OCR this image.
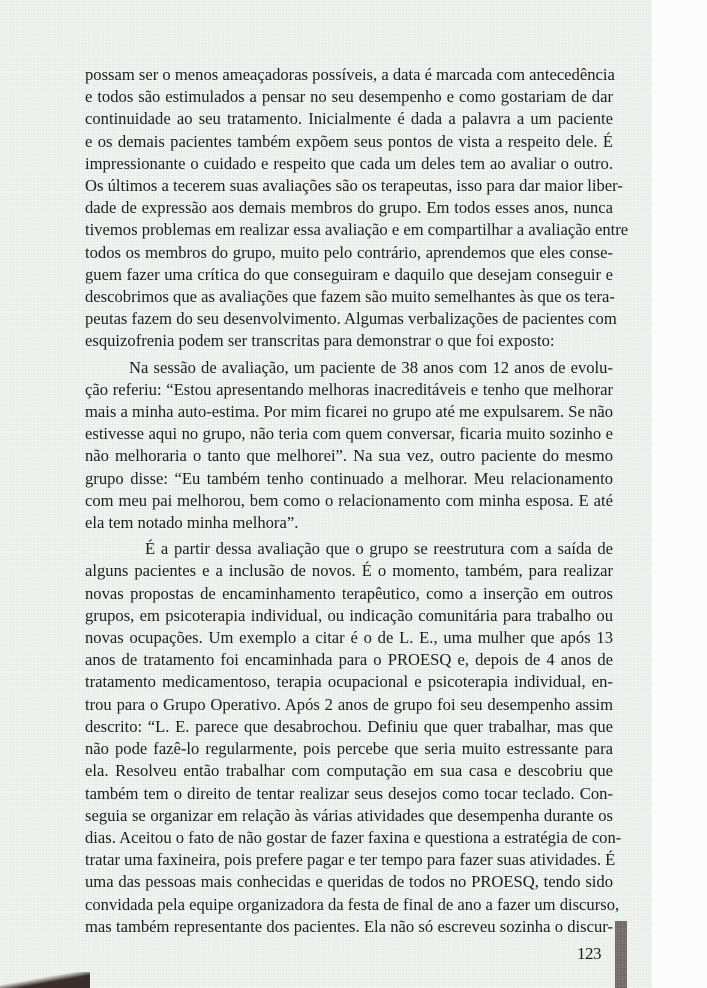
possam ser o menos ameaçadoras possíveis, a data é marcada com antecedência
e todos são estimulados a pensar no seu desempenho e como gostariam de dar
continuidade ao seu tratamento. Inicialmente é dada a palavra a um paciente
e os demais pacientes também expõem seus pontos de vista a respeito dele. É
impressionante o cuidado e respeito que cada um deles tem ao avaliar o outro.
Os últimos a tecerem suas avaliações são os terapeutas, isso para dar maior liber-
dade de expressão aos demais membros do grupo. Em todos esses anos, nunca
tivemos problemas em realizar essa avaliação e em compartilhar a avaliação entre
todos os membros do grupo, muito pelo contrário, aprendemos que eles conse-
guem fazer uma crítica do que conseguiram e daquilo que desejam conseguir e
descobrimos que as avaliações que fazem são muito semelhantes às que os tera-
peutas fazem do seu desenvolvimento. Algumas verbalizações de pacientes com
esquizofrenia podem ser transcritas para demonstrar o que foi exposto:

Na sessão de avaliação, um paciente de 38 anos com 12 anos de evolu-
ção referiu: “Estou apresentando melhoras inacreditáveis e tenho que melhorar
mais a minha auto-estima. Por mim ficarei no grupo até me expulsarem. Se não
estivesse aqui no grupo, não teria com quem conversar, ficaria muito sozinho e
não melhoraria o tanto que melhorei”. Na sua vez, outro paciente do mesmo
grupo disse: “Eu também tenho continuado a melhorar. Meu relacionamento
com meu pai melhorou, bem como o relacionamento com minha esposa. E até
ela tem notado minha melhora”.

É a partir dessa avaliação que o grupo se reestrutura com a saída de
alguns pacientes e a inclusão de novos. É o momento, também, para realizar
novas propostas de encaminhamento terapêutico, como a inserção em outros
grupos, em psicoterapia individual, ou indicação comunitária para trabalho ou
novas ocupações. Um exemplo a citar é o de L. E., uma mulher que após 13
anos de tratamento foi encaminhada para o PROESQ e, depois de 4 anos de
tratamento medicamentoso, terapia ocupacional e psicoterapia individual, en-
trou para o Grupo Operativo. Após 2 anos de grupo foi seu desempenho assim
descrito: “L. E. parece que desabrochou. Definiu que quer trabalhar, mas que
não pode fazê-lo regularmente, pois percebe que seria muito estressante para
ela. Resolveu então trabalhar com computação em sua casa e descobriu que
também tem o direito de tentar realizar seus desejos como tocar teclado. Con-
seguia se organizar em relação às várias atividades que desempenha durante os
dias. Aceitou o fato de não gostar de fazer faxina e questiona a estratégia de con-
tratar uma faxineira, pois prefere pagar e ter tempo para fazer suas atividades. É
uma das pessoas mais conhecidas e queridas de todos no PROESQ, tendo sido
convidada pela equipe organizadora da festa de final de ano a fazer um discurso,
mas também representante dos pacientes. Ela não só escreveu sozinha o discur-

123
